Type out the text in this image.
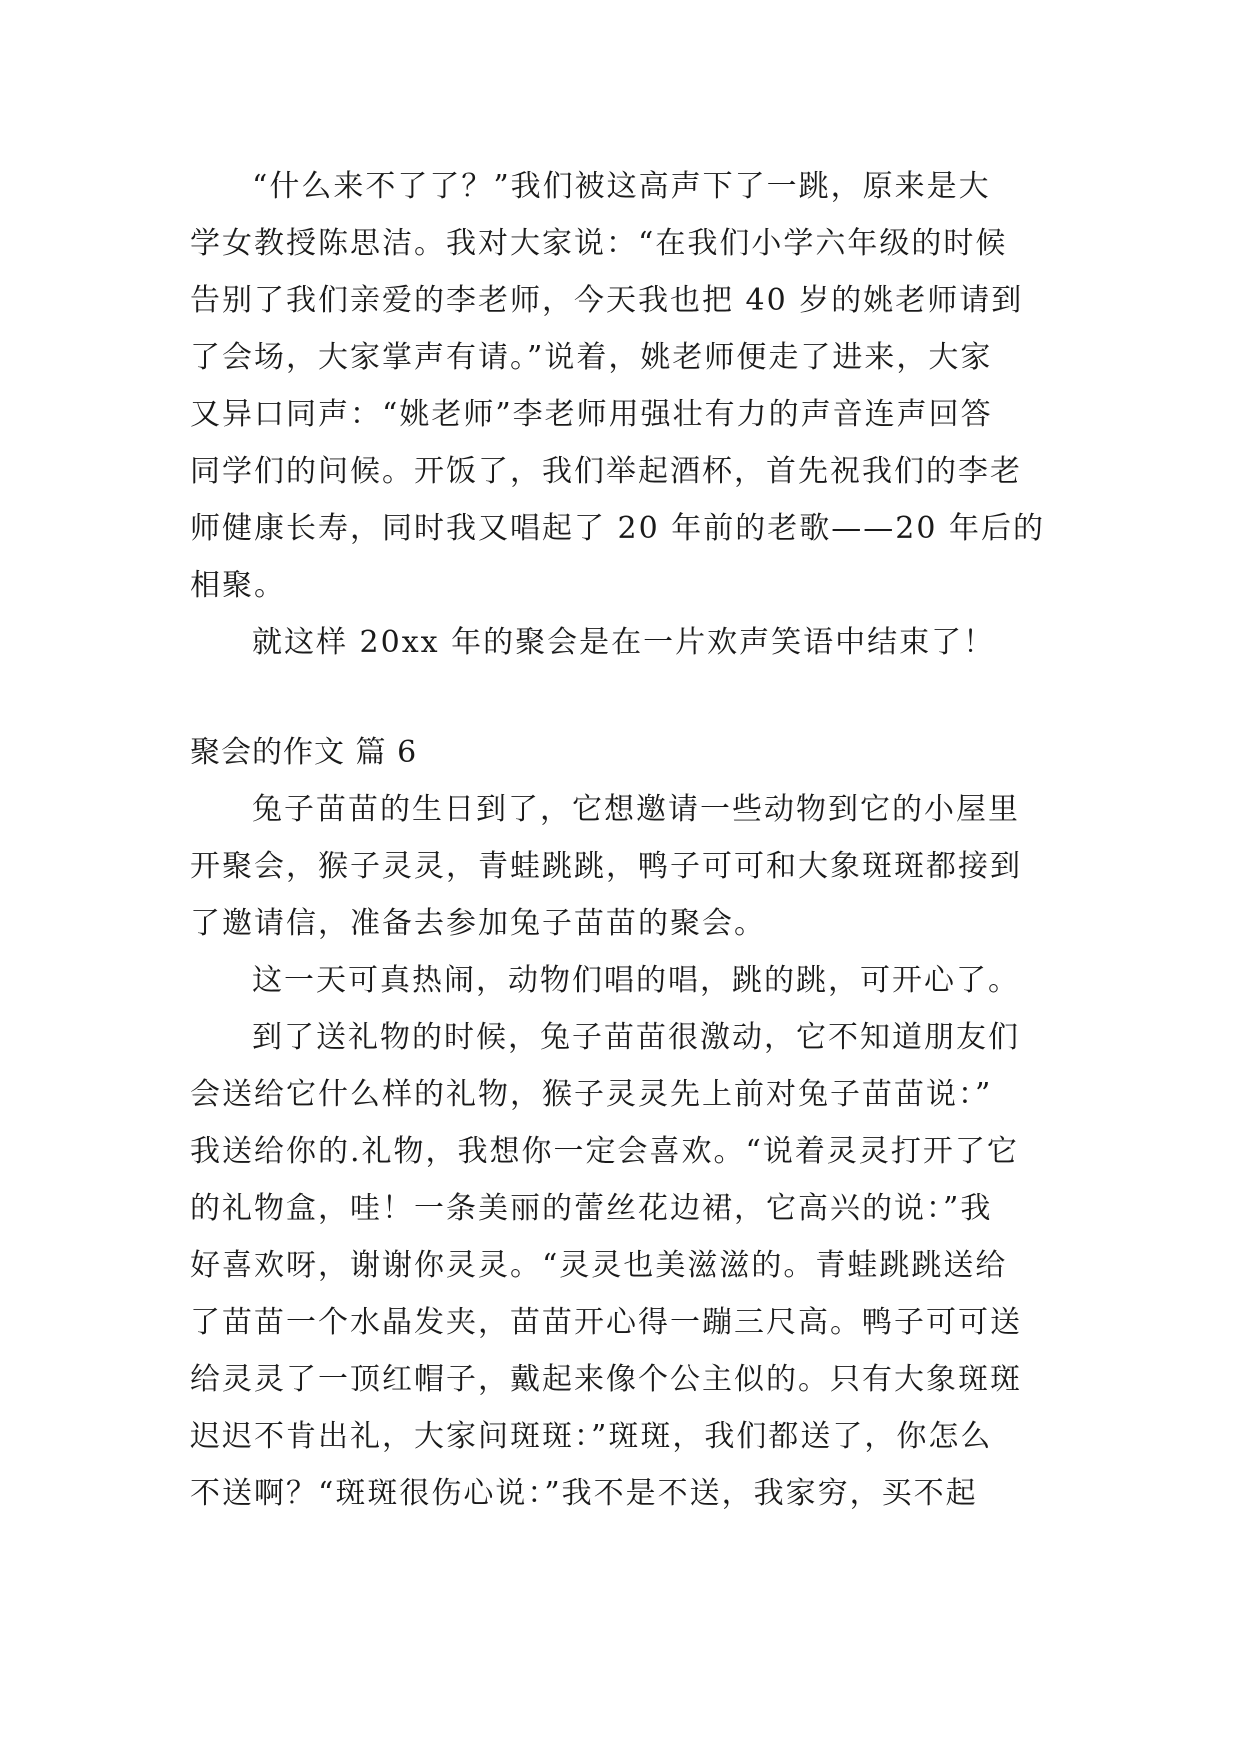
“什么来不了了？”我们被这高声下了一跳，原来是大
学女教授陈思洁。我对大家说：“在我们小学六年级的时候
告别了我们亲爱的李老师，今天我也把 40 岁的姚老师请到
了会场，大家掌声有请。”说着，姚老师便走了进来，大家
又异口同声：“姚老师”李老师用强壮有力的声音连声回答
同学们的问候。开饭了，我们举起酒杯，首先祝我们的李老
师健康长寿，同时我又唱起了 20 年前的老歌——20 年后的
相聚。
就这样 20xx 年的聚会是在一片欢声笑语中结束了！
聚会的作文 篇 6
兔子苗苗的生日到了，它想邀请一些动物到它的小屋里
开聚会，猴子灵灵，青蛙跳跳，鸭子可可和大象斑斑都接到
了邀请信，准备去参加兔子苗苗的聚会。
这一天可真热闹，动物们唱的唱，跳的跳，可开心了。
到了送礼物的时候，兔子苗苗很激动，它不知道朋友们
会送给它什么样的礼物，猴子灵灵先上前对兔子苗苗说：”
我送给你的.礼物，我想你一定会喜欢。“说着灵灵打开了它
的礼物盒，哇！一条美丽的蕾丝花边裙，它高兴的说：”我
好喜欢呀，谢谢你灵灵。“灵灵也美滋滋的。青蛙跳跳送给
了苗苗一个水晶发夹，苗苗开心得一蹦三尺高。鸭子可可送
给灵灵了一顶红帽子，戴起来像个公主似的。只有大象斑斑
迟迟不肯出礼，大家问斑斑：”斑斑，我们都送了，你怎么
不送啊？“斑斑很伤心说：”我不是不送，我家穷，买不起
